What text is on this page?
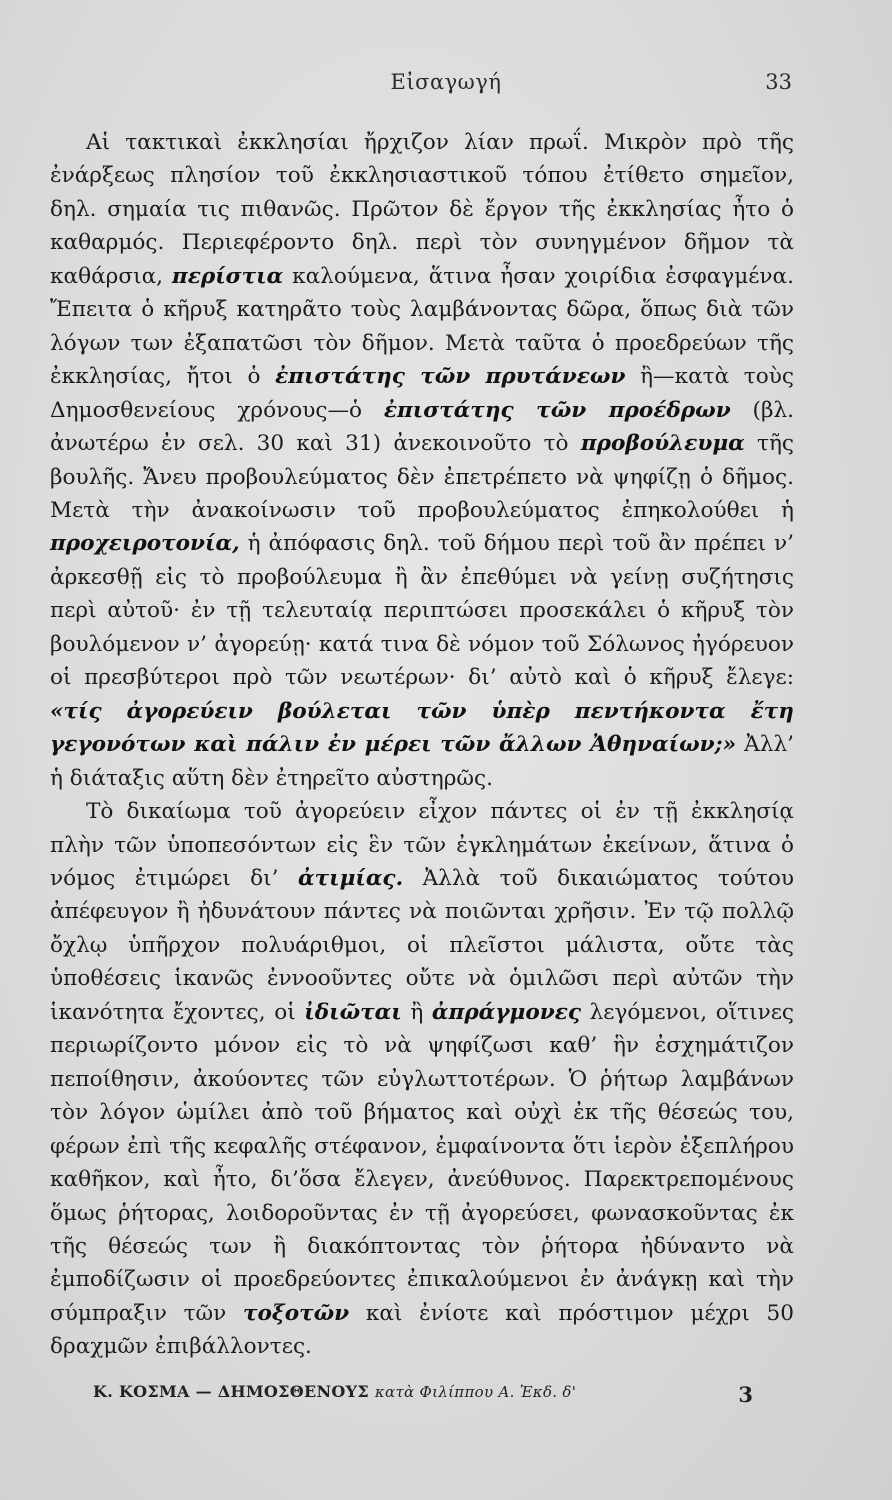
Εἰσαγωγή	33

Αἱ τακτικαὶ ἐκκλησίαι ἤρχιζον λίαν πρωΐ. Μικρὸν πρὸ τῆς ἐνάρξεως πλησίον τοῦ ἐκκλησιαστικοῦ τόπου ἐτίθετο σημεῖον, δηλ. σημαία τις πιθανῶς. Πρῶτον δὲ ἔργον τῆς ἐκκλησίας ἦτο ὁ καθαρμός. Περιεφέροντο δηλ. περὶ τὸν συνηγμένον δῆμον τὰ καθάρσια, περίστια καλούμενα, ἅτινα ἦσαν χοιρίδια ἐσφαγμένα. Ἔπειτα ὁ κῆρυξ κατηρᾶτο τοὺς λαμβάνοντας δῶρα, ὅπως διὰ τῶν λόγων των ἐξαπατῶσι τὸν δῆμον. Μετὰ ταῦτα ὁ προεδρεύων τῆς ἐκκλησίας, ἤτοι ὁ ἐπιστάτης τῶν πρυτάνεων ἢ—κατὰ τοὺς Δημοσθενείους χρόνους—ὁ ἐπιστάτης τῶν προέδρων (βλ. ἀνωτέρω ἐν σελ. 30 καὶ 31) ἀνεκοινοῦτο τὸ προβούλευμα τῆς βουλῆς. Ἄνευ προβουλεύματος δὲν ἐπετρέπετο νὰ ψηφίζῃ ὁ δῆμος. Μετὰ τὴν ἀνακοίνωσιν τοῦ προβουλεύματος ἐπηκολούθει ἡ προχειροτονία, ἡ ἀπόφασις δηλ. τοῦ δήμου περὶ τοῦ ἂν πρέπει ν’ ἀρκεσθῇ εἰς τὸ προβούλευμα ἢ ἂν ἐπεθύμει νὰ γείνῃ συζήτησις περὶ αὐτοῦ· ἐν τῇ τελευταίᾳ περιπτώσει προσεκάλει ὁ κῆρυξ τὸν βουλόμενον ν’ ἀγορεύῃ· κατά τινα δὲ νόμον τοῦ Σόλωνος ἠγόρευον οἱ πρεσβύτεροι πρὸ τῶν νεωτέρων· δι’ αὐτὸ καὶ ὁ κῆρυξ ἔλεγε: «τίς ἀγορεύειν βούλεται τῶν ὑπὲρ πεντήκοντα ἔτη γεγονότων καὶ πάλιν ἐν μέρει τῶν ἄλλων Ἀθηναίων;» Ἀλλ’ ἡ διάταξις αὕτη δὲν ἐτηρεῖτο αὐστηρῶς.

Τὸ δικαίωμα τοῦ ἀγορεύειν εἶχον πάντες οἱ ἐν τῇ ἐκκλησίᾳ πλὴν τῶν ὑποπεσόντων εἰς ἓν τῶν ἐγκλημάτων ἐκείνων, ἅτινα ὁ νόμος ἐτιμώρει δι’ ἀτιμίας. Ἀλλὰ τοῦ δικαιώματος τούτου ἀπέφευγον ἢ ἠδυνάτουν πάντες νὰ ποιῶνται χρῆσιν. Ἐν τῷ πολλῷ ὄχλῳ ὑπῆρχον πολυάριθμοι, οἱ πλεῖστοι μάλιστα, οὔτε τὰς ὑποθέσεις ἱκανῶς ἐννοοῦντες οὔτε νὰ ὁμιλῶσι περὶ αὐτῶν τὴν ἱκανότητα ἔχοντες, οἱ ἰδιῶται ἢ ἀπράγμονες λεγόμενοι, οἵτινες περιωρίζοντο μόνον εἰς τὸ νὰ ψηφίζωσι καθ’ ἣν ἐσχημάτιζον πεποίθησιν, ἀκούοντες τῶν εὐγλωττοτέρων. Ὁ ῥήτωρ λαμβάνων τὸν λόγον ὡμίλει ἀπὸ τοῦ βήματος καὶ οὐχὶ ἐκ τῆς θέσεώς του, φέρων ἐπὶ τῆς κεφαλῆς στέφανον, ἐμφαίνοντα ὅτι ἱερὸν ἐξεπλήρου καθῆκον, καὶ ἦτο, δι’ὅσα ἔλεγεν, ἀνεύθυνος. Παρεκτρεπομένους ὅμως ῥήτορας, λοιδοροῦντας ἐν τῇ ἀγορεύσει, φωνασκοῦντας ἐκ τῆς θέσεώς των ἢ διακόπτοντας τὸν ῥήτορα ἠδύναντο νὰ ἐμποδίζωσιν οἱ προεδρεύοντες ἐπικαλούμενοι ἐν ἀνάγκῃ καὶ τὴν σύμπραξιν τῶν τοξοτῶν καὶ ἐνίοτε καὶ πρόστιμον μέχρι 50 δραχμῶν ἐπιβάλλοντες.

Κ. ΚΟΣΜΑ — ΔΗΜΟΣΘΕΝΟΥΣ κατὰ Φιλίππου Α. Ἐκδ. δ'	3
